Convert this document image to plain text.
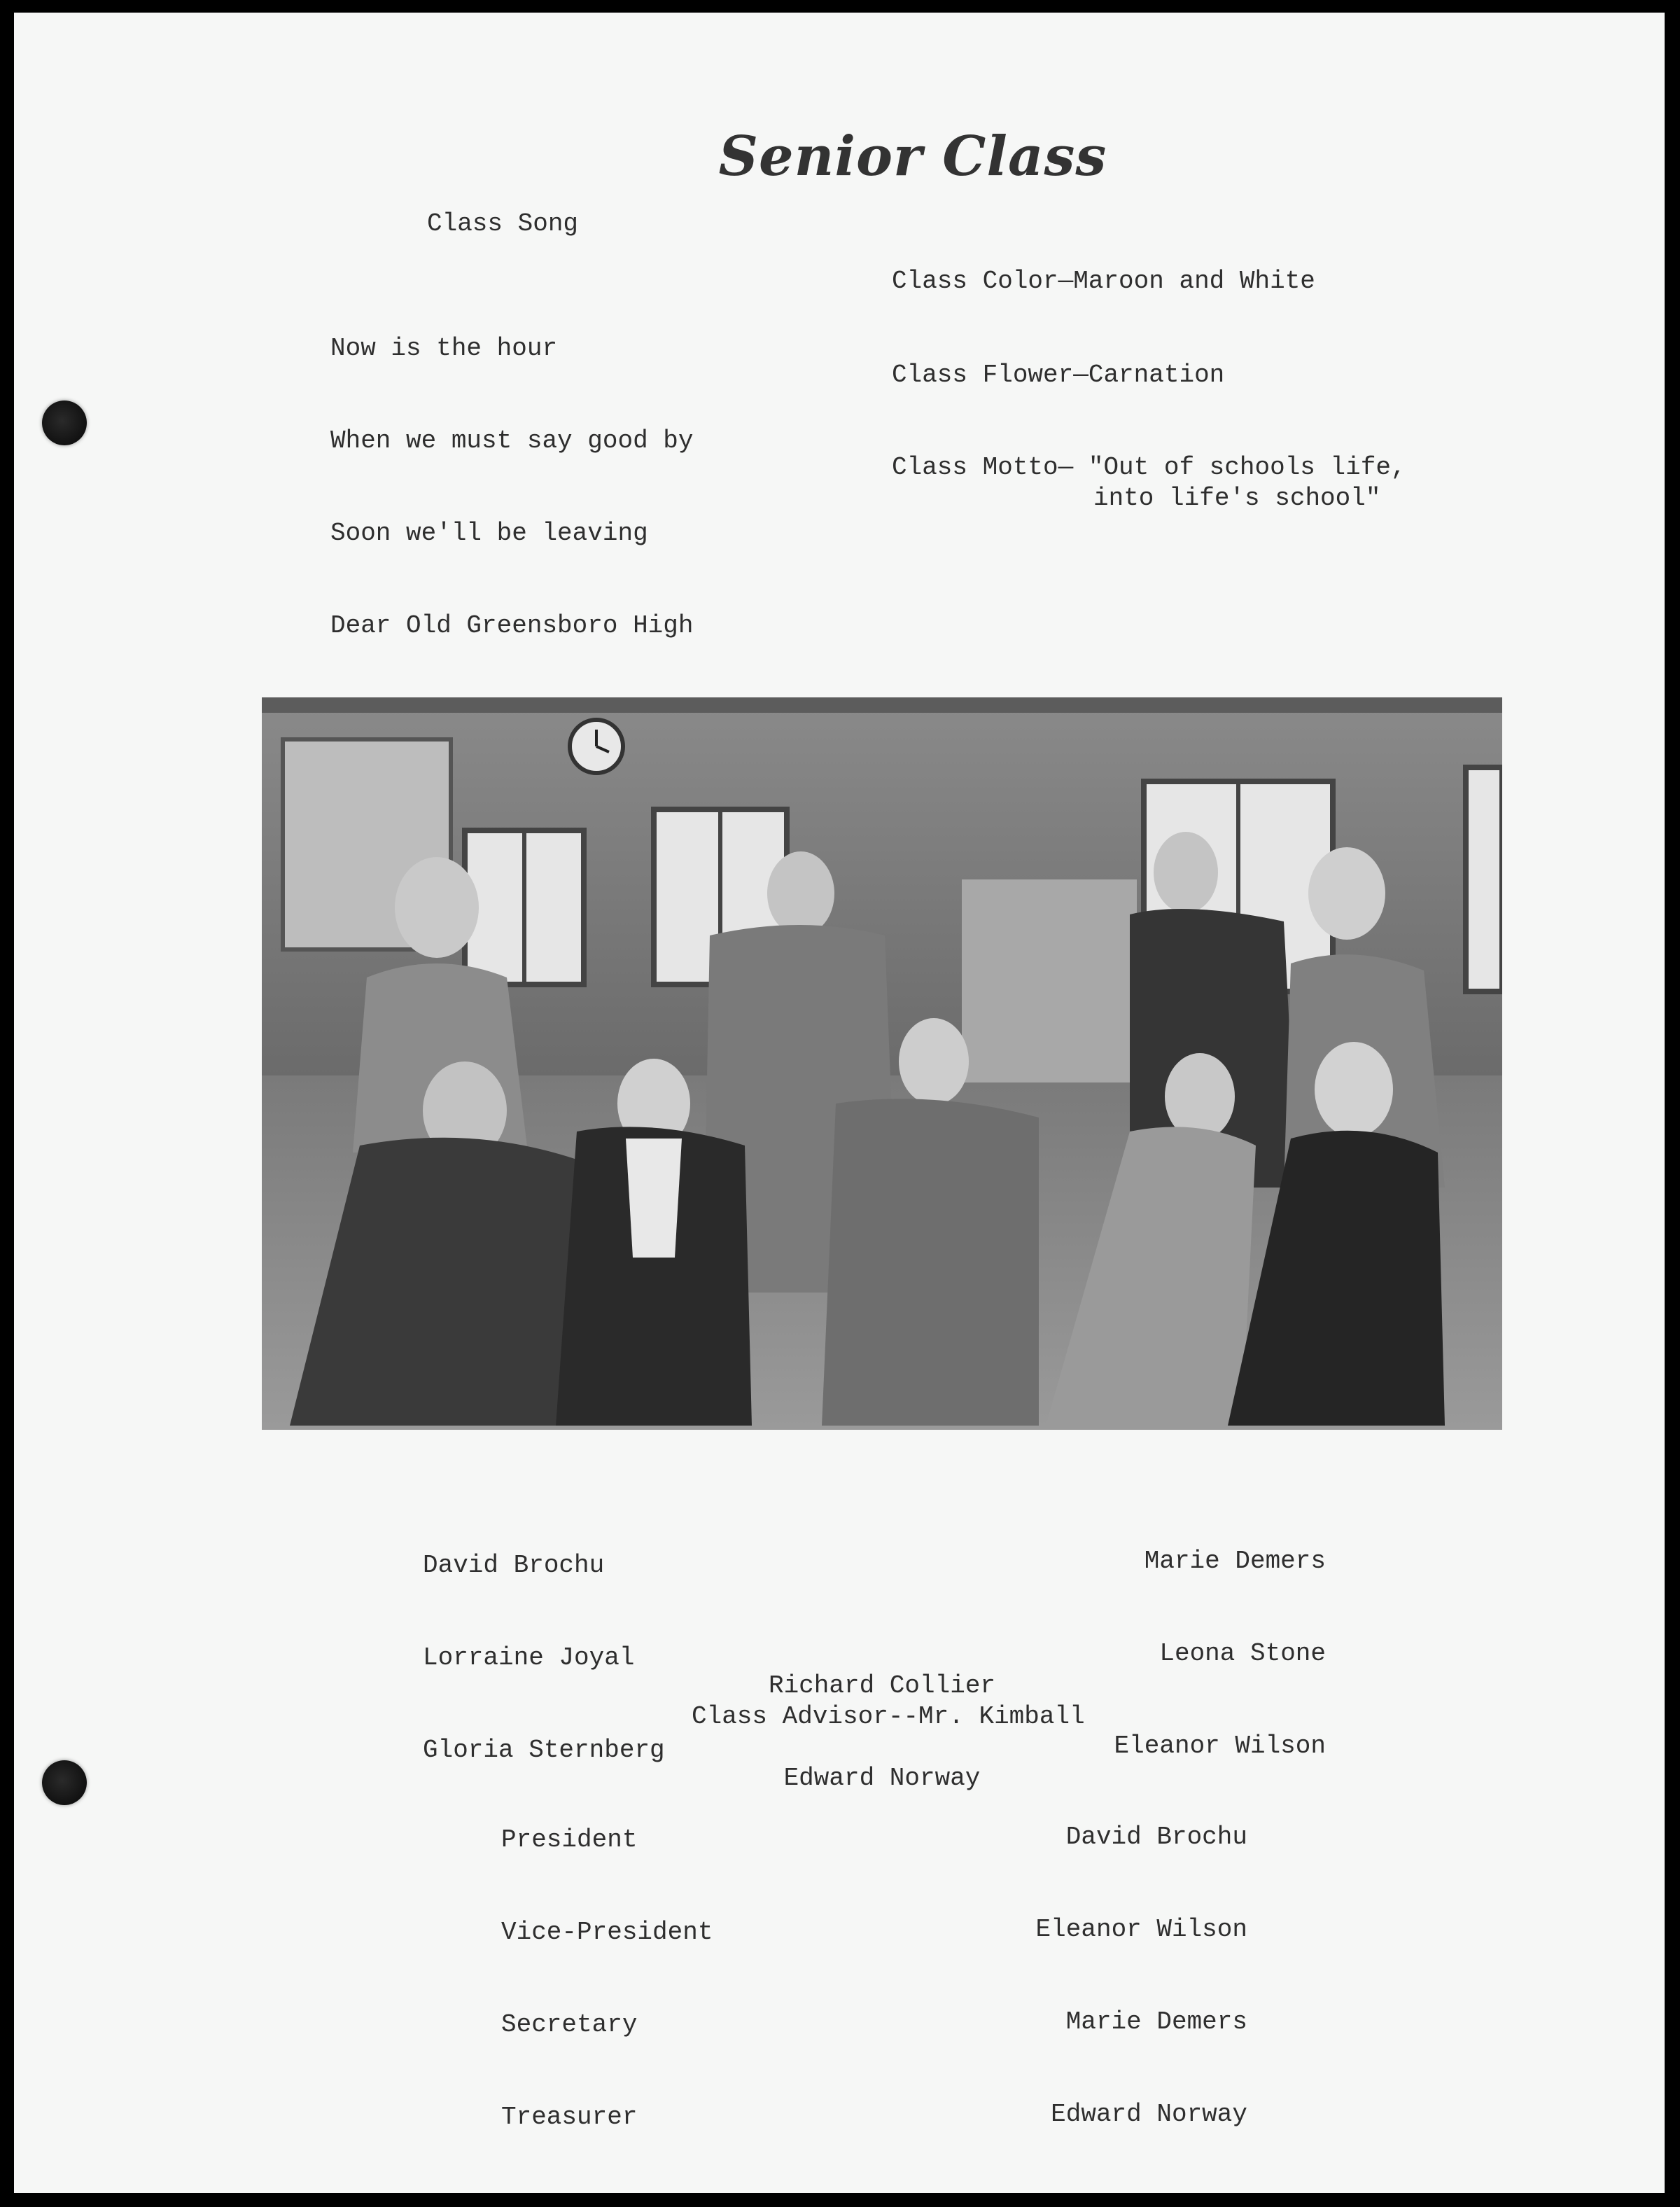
Senior Class
Class Song

Now is the hour

When we must say good by

Soon we'll be leaving

Dear Old Greensboro High

Class Color—Maroon and White
Class Flower—Carnation
Class Motto— "Out of schools life,
into life's school"

David Brochu

Lorraine Joyal

Gloria Sternberg

Marie Demers

Leona Stone

Eleanor Wilson

Richard Collier

Edward Norway

Class Advisor--Mr. Kimball

President

Vice-President

Secretary

Treasurer

David Brochu

Eleanor Wilson

Marie Demers

Edward Norway
